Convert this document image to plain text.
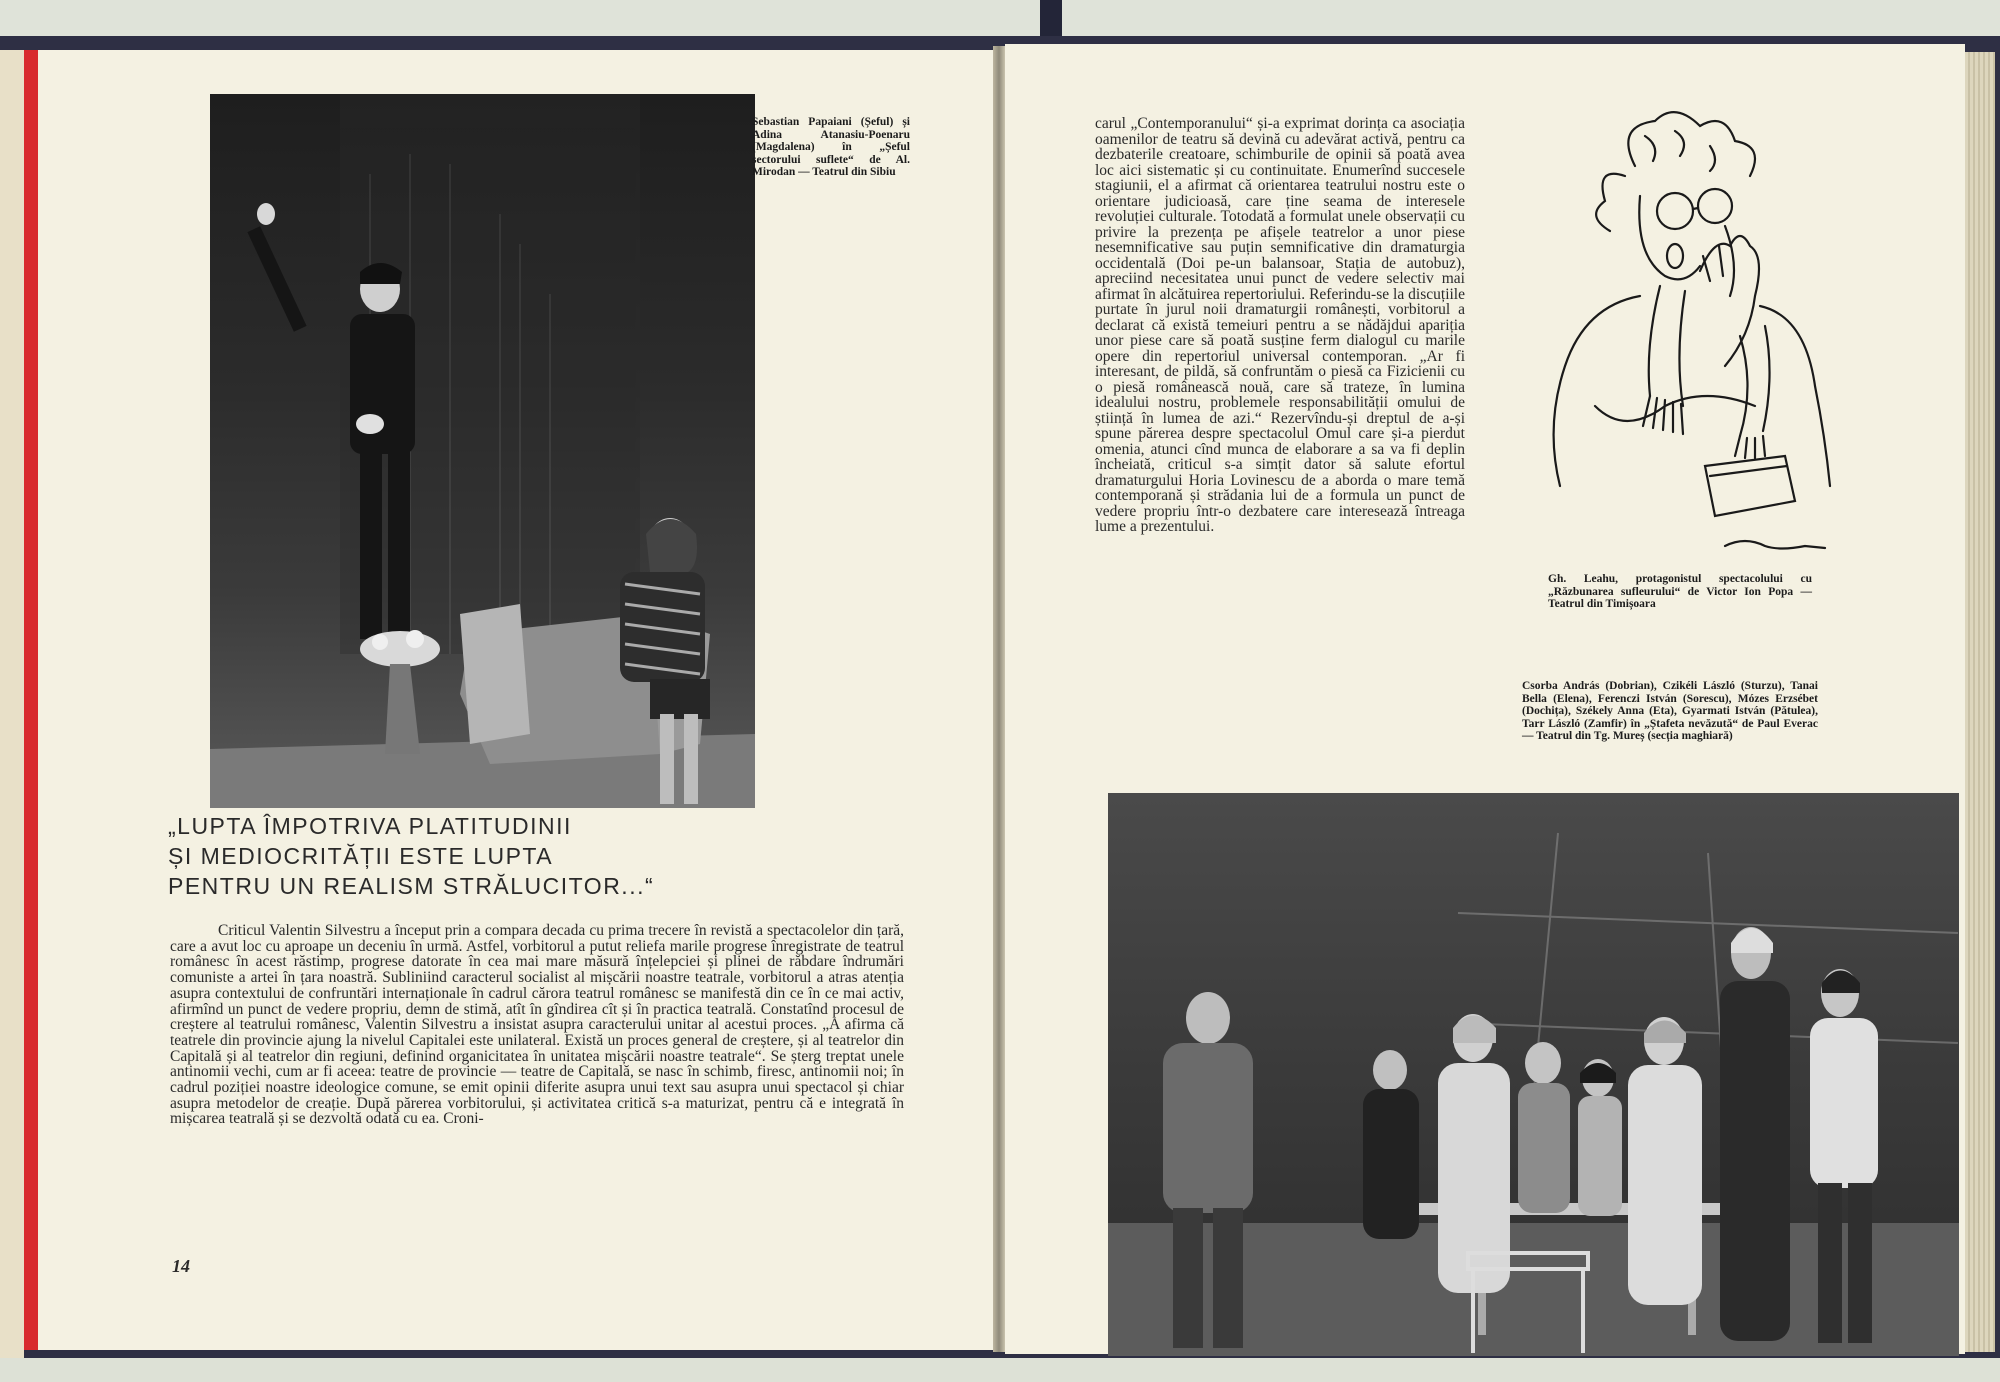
Sebastian Papaiani (Șeful) și Adina Atanasiu-Poenaru (Magdalena) în „Șeful sectorului suflete“ de Al. Mirodan — Teatrul din Sibiu
„LUPTA ÎMPOTRIVA PLATITUDINII
ȘI MEDIOCRITĂȚII ESTE LUPTA
PENTRU UN REALISM STRĂLUCITOR...“

Criticul Valentin Silvestru a început prin a compara decada cu prima trecere în revistă a spectacolelor din țară, care a avut loc cu aproape un deceniu în urmă. Astfel, vorbitorul a putut reliefa marile progrese înregistrate de teatrul românesc în acest răstimp, progrese datorate în cea mai mare măsură înțelepciei și plinei de răbdare îndrumări comuniste a artei în țara noastră. Subliniind caracterul socialist al mișcării noastre teatrale, vorbitorul a atras atenția asupra contextului de confruntări internaționale în cadrul cărora teatrul românesc se manifestă din ce în ce mai activ, afirmînd un punct de vedere propriu, demn de stimă, atît în gîndirea cît și în practica teatrală. Constatînd procesul de creștere al teatrului românesc, Valentin Silvestru a insistat asupra caracterului unitar al acestui proces. „A afirma că teatrele din provincie ajung la nivelul Capitalei este unilateral. Există un proces general de creștere, și al teatrelor din Capitală și al teatrelor din regiuni, definind organicitatea în unitatea mișcării noastre teatrale“. Se șterg treptat unele antinomii vechi, cum ar fi aceea: teatre de provincie — teatre de Capitală, se nasc în schimb, firesc, antinomii noi; în cadrul poziției noastre ideologice comune, se emit opinii diferite asupra unui text sau asupra unui spectacol și chiar asupra metodelor de creație. După părerea vorbitorului, și activitatea critică s-a maturizat, pentru că e integrată în mișcarea teatrală și se dezvoltă odată cu ea. Croni-

14

carul „Contemporanului“ și-a exprimat dorința ca asociația oamenilor de teatru să devină cu adevărat activă, pentru ca dezbaterile creatoare, schimburile de opinii să poată avea loc aici sistematic și cu continuitate. Enumerînd succesele stagiunii, el a afirmat că orientarea teatrului nostru este o orientare judicioasă, care ține seama de interesele revoluției culturale. Totodată a formulat unele observații cu privire la prezența pe afișele teatrelor a unor piese nesemnificative sau puțin semnificative din dramaturgia occidentală (Doi pe-un balansoar, Stația de autobuz), apreciind necesitatea unui punct de vedere selectiv mai afirmat în alcătuirea repertoriului. Referindu-se la discuțiile purtate în jurul noii dramaturgii românești, vorbitorul a declarat că există temeiuri pentru a se nădăjdui apariția unor piese care să poată susține ferm dialogul cu marile opere din repertoriul universal contemporan. „Ar fi interesant, de pildă, să confruntăm o piesă ca Fizicienii cu o piesă românească nouă, care să trateze, în lumina idealului nostru, problemele responsabilității omului de știință în lumea de azi.“ Rezervîndu-și dreptul de a-și spune părerea despre spectacolul Omul care și-a pierdut omenia, atunci cînd munca de elaborare a sa va fi deplin încheiată, criticul s-a simțit dator să salute efortul dramaturgului Horia Lovinescu de a aborda o mare temă contemporană și strădania lui de a formula un punct de vedere propriu într-o dezbatere care interesează întreaga lume a prezentului.

Gh. Leahu, protagonistul spectacolului cu „Răzbunarea sufleurului“ de Victor Ion Popa — Teatrul din Timișoara
Csorba András (Dobrian), Czikéli László (Sturzu), Tanai Bella (Elena), Ferenczi István (Sorescu), Mózes Erzsébet (Dochița), Székely Anna (Eta), Gyarmati István (Pătulea), Tarr László (Zamfir) în „Ștafeta nevăzută“ de Paul Everac — Teatrul din Tg. Mureș (secția maghiară)
